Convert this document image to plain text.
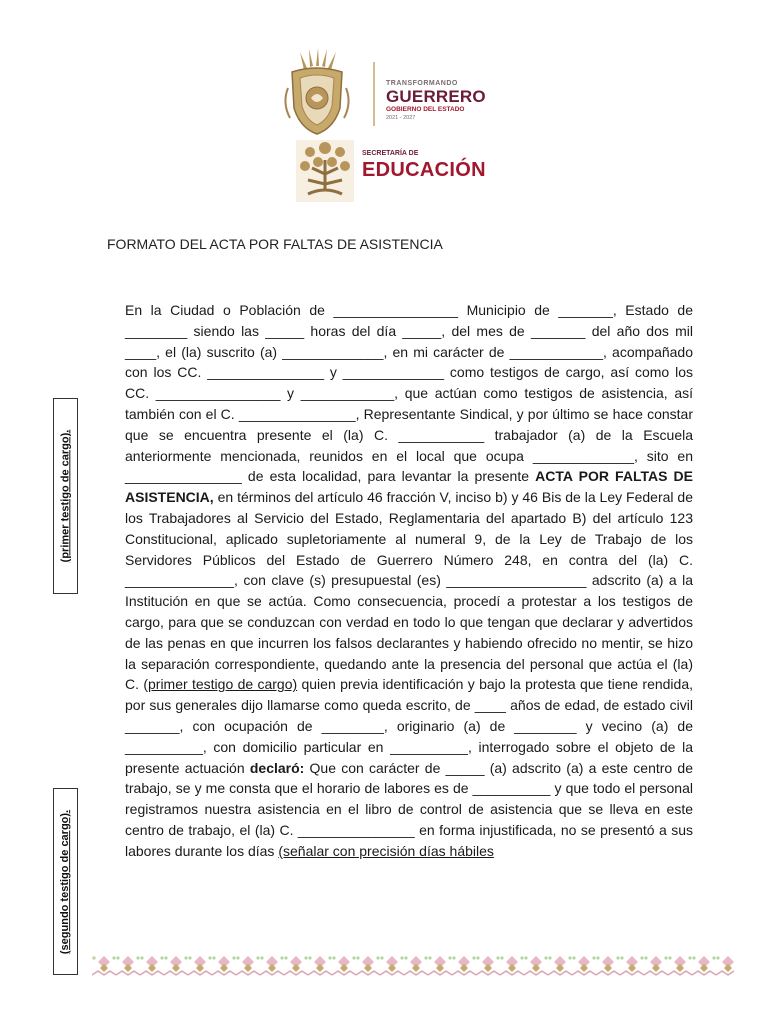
TRANSFORMANDO
GUERRERO
GOBIERNO DEL ESTADO
2021 - 2027
SECRETARÍA DE
EDUCACIÓN
FORMATO DEL ACTA POR FALTAS DE ASISTENCIA
En la Ciudad o Población de ________________ Municipio de _______, Estado de ________ siendo las _____ horas del día _____, del mes de _______ del año dos mil ____, el (la) suscrito (a) _____________, en mi carácter de ____________, acompañado con los CC. _______________ y _____________ como testigos de cargo, así como los CC. ________________ y ____________, que actúan como testigos de asistencia, así también con el C. _______________, Representante Sindical, y por último se hace constar que se encuentra presente el (la) C. ___________ trabajador (a) de la Escuela anteriormente mencionada, reunidos en el local que ocupa _____________, sito en _______________ de esta localidad, para levantar la presente ACTA POR FALTAS DE ASISTENCIA, en términos del artículo 46 fracción V, inciso b) y 46 Bis de la Ley Federal de los Trabajadores al Servicio del Estado, Reglamentaria del apartado B) del artículo 123 Constitucional, aplicado supletoriamente al numeral 9, de la Ley de Trabajo de los Servidores Públicos del Estado de Guerrero Número 248, en contra del (la) C. ______________, con clave (s) presupuestal (es) __________________ adscrito (a) a la Institución en que se actúa. Como consecuencia, procedí a protestar a los testigos de cargo, para que se conduzcan con verdad en todo lo que tengan que declarar y advertidos de las penas en que incurren los falsos declarantes y habiendo ofrecido no mentir, se hizo la separación correspondiente, quedando ante la presencia del personal que actúa el (la) C. (primer testigo de cargo) quien previa identificación y bajo la protesta que tiene rendida, por sus generales dijo llamarse como queda escrito, de ____ años de edad, de estado civil _______, con ocupación de ________, originario (a) de ________ y vecino (a) de __________, con domicilio particular en __________, interrogado sobre el objeto de la presente actuación declaró: Que con carácter de _____ (a) adscrito (a) a este centro de trabajo, se y me consta que el horario de labores es de __________ y que todo el personal registramos nuestra asistencia en el libro de control de asistencia que se lleva en este centro de trabajo, el (la) C. _______________ en forma injustificada, no se presentó a sus labores durante los días (señalar con precisión días hábiles
(primer testigo de cargo).
(segundo testigo de cargo).
